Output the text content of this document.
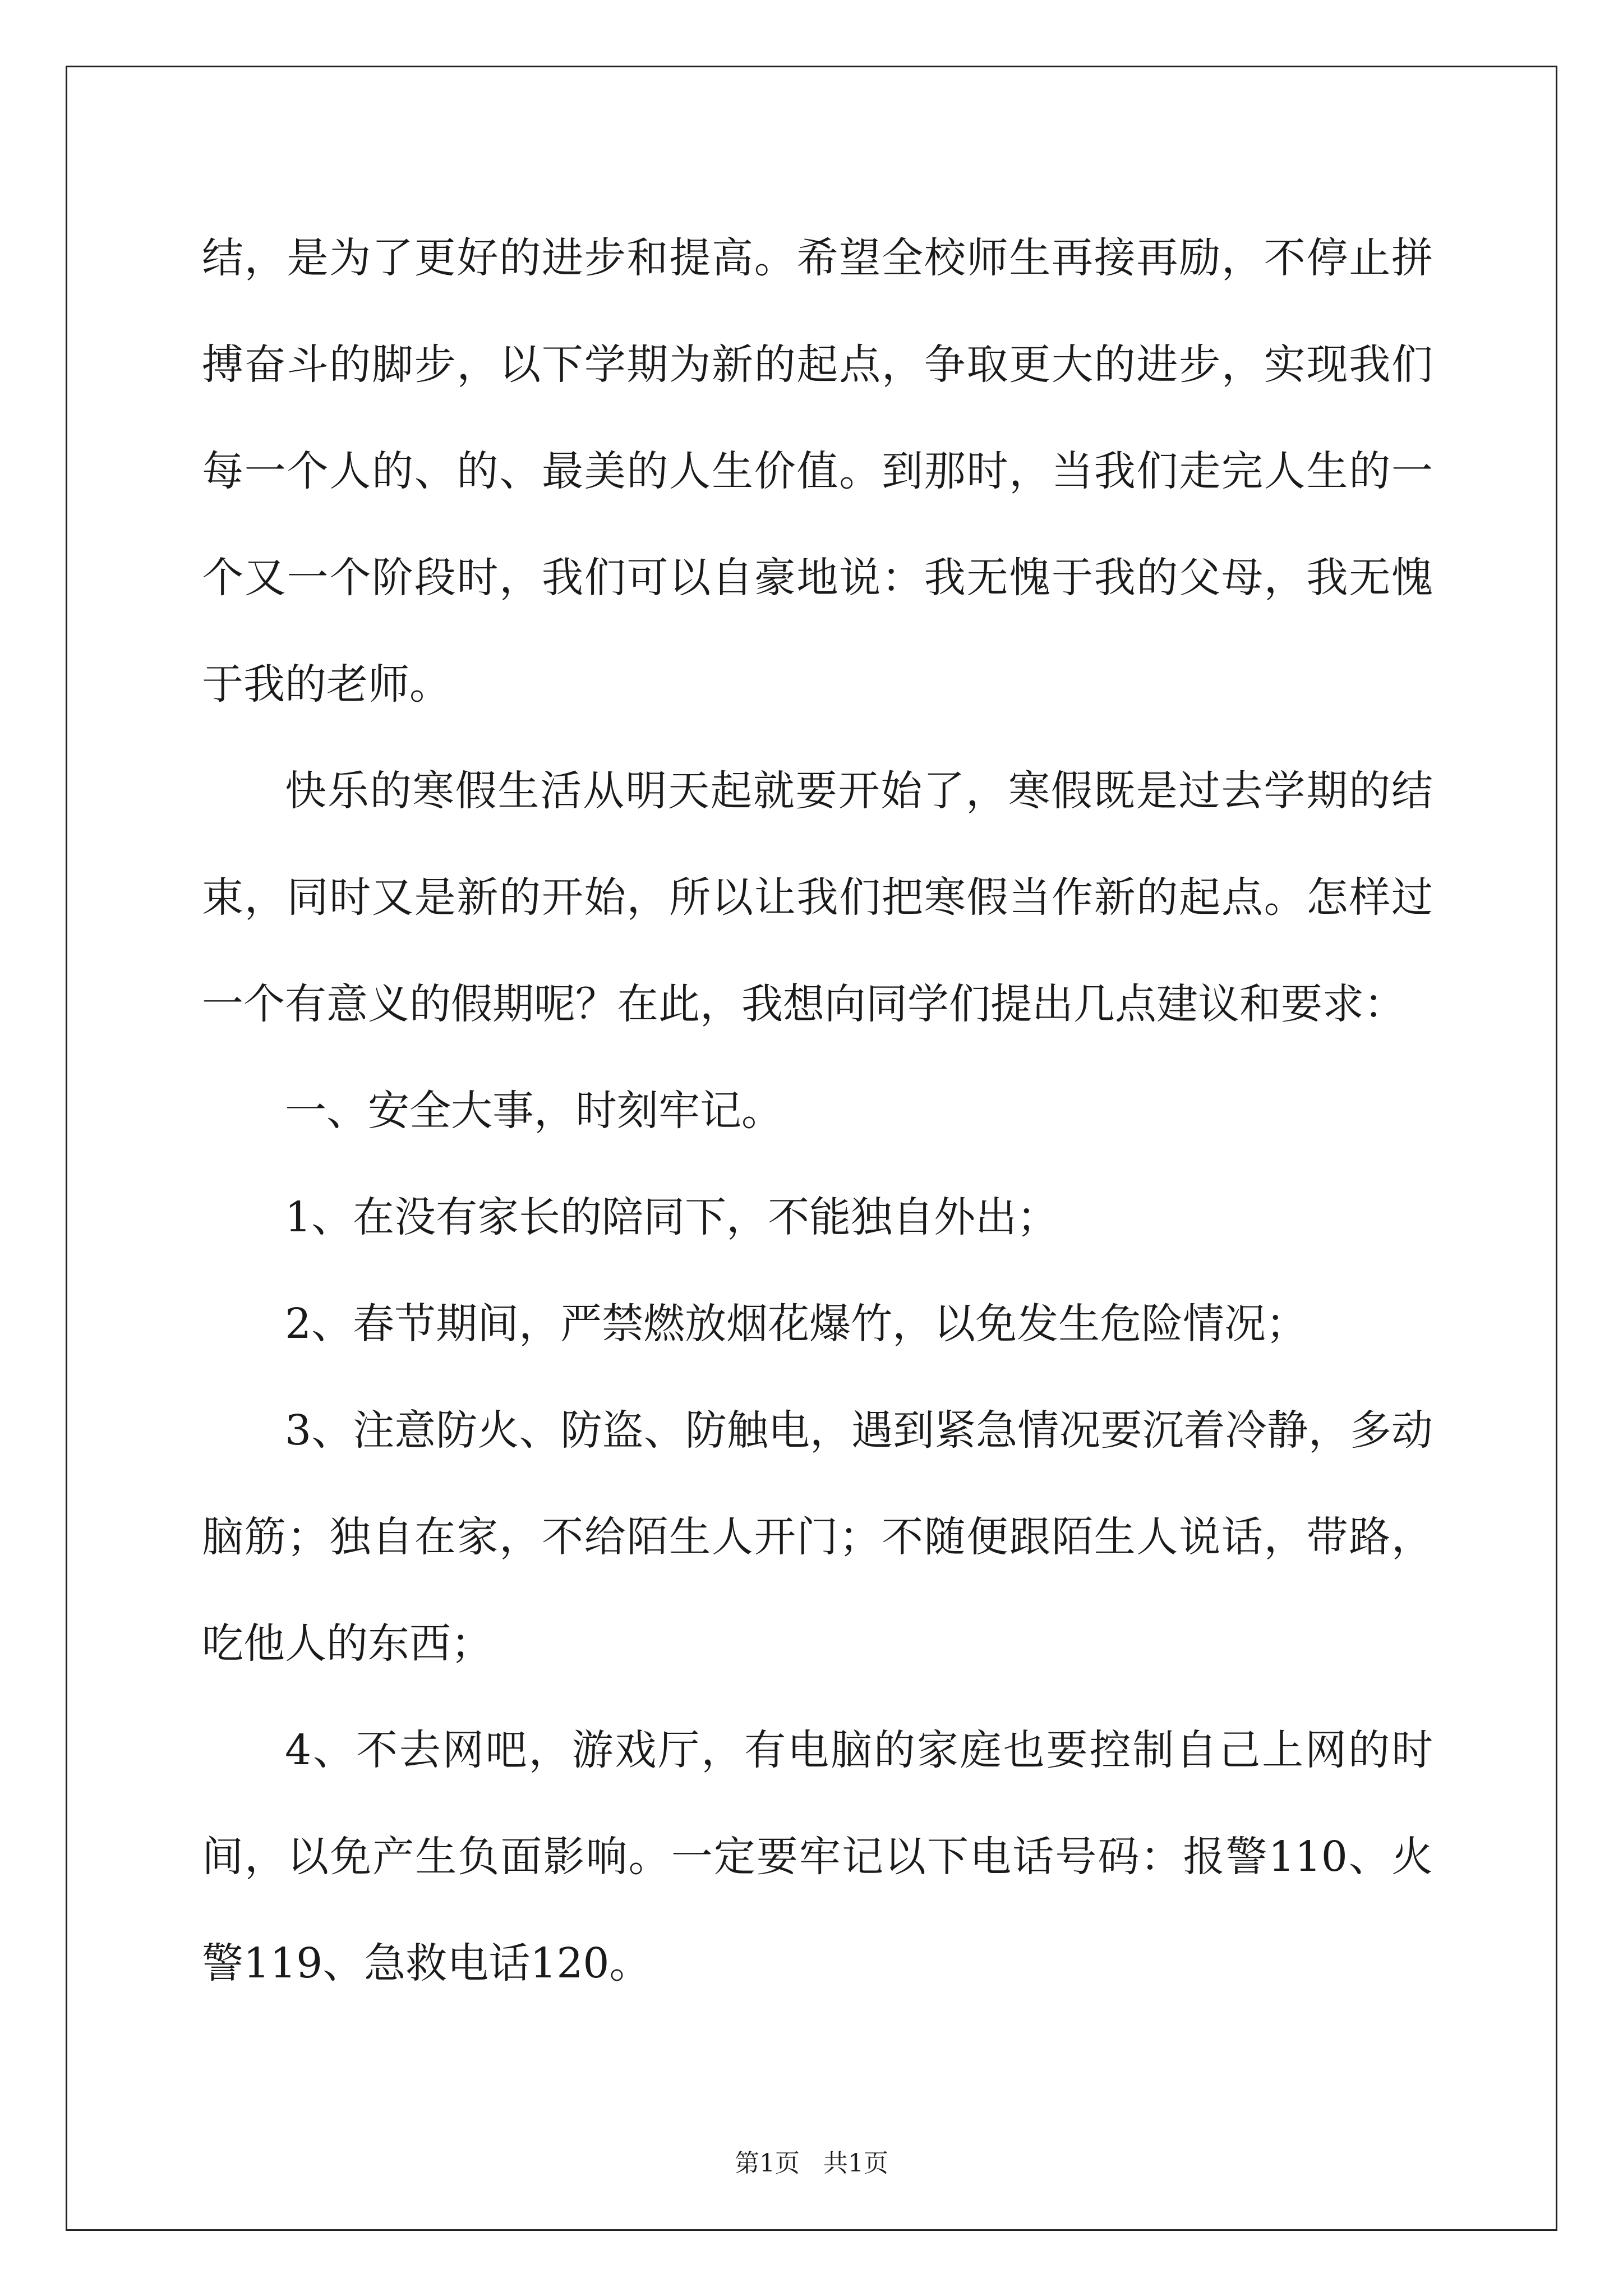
结，是为了更好的进步和提高。希望全校师生再接再励，不停止拼搏奋斗的脚步，以下学期为新的起点，争取更大的进步，实现我们每一个人的、的、最美的人生价值。到那时，当我们走完人生的一个又一个阶段时，我们可以自豪地说：我无愧于我的父母，我无愧于我的老师。

快乐的寒假生活从明天起就要开始了，寒假既是过去学期的结束，同时又是新的开始，所以让我们把寒假当作新的起点。怎样过一个有意义的假期呢？在此，我想向同学们提出几点建议和要求：

一、安全大事，时刻牢记。

1、在没有家长的陪同下，不能独自外出；

2、春节期间，严禁燃放烟花爆竹，以免发生危险情况；

3、注意防火、防盗、防触电，遇到紧急情况要沉着冷静，多动脑筋；独自在家，不给陌生人开门；不随便跟陌生人说话，带路，吃他人的东西；

4、不去网吧，游戏厅，有电脑的家庭也要控制自己上网的时间，以免产生负面影响。一定要牢记以下电话号码：报警110、火警119、急救电话120。

第1页   共1页
